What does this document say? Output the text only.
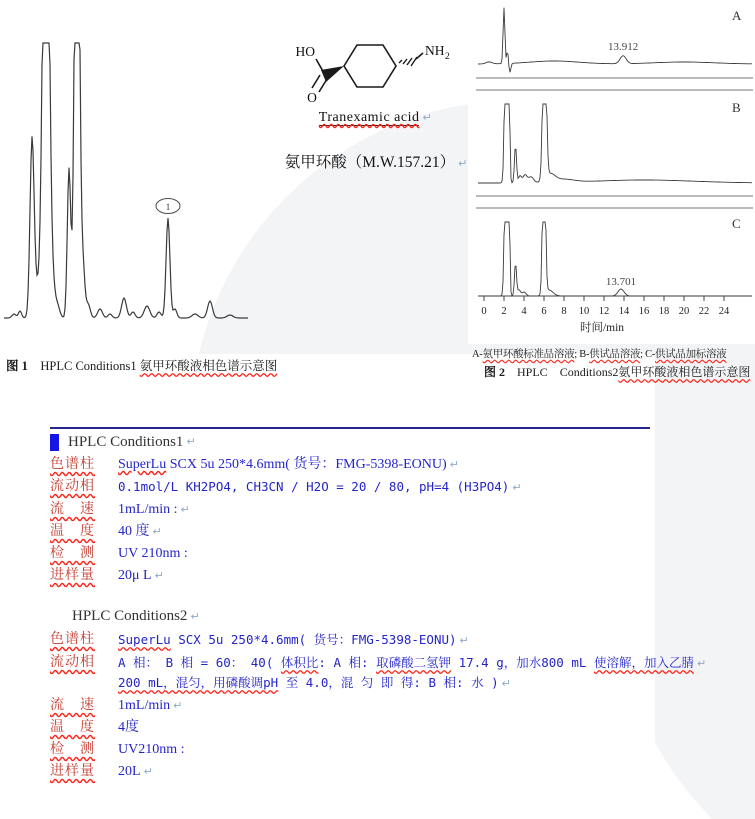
1
图 1　HPLC Conditions1 氨甲环酸液相色谱示意图
HO
O
NH 2
Tranexamic acid ↵
氨甲环酸（M.W.157.21） ↵
A
13.912
B
C
13.701
0 2 4 6 8 10 12 14 16 18 20 22 24
时间/min
A-氨甲环酸标准品溶液; B-供试品溶液; C-供试品加标溶液
图 2　HPLC　Conditions2氨甲环酸液相色谱示意图
HPLC Conditions1 ↵
色谱柱	SuperLu SCX 5u 250*4.6mm( 货号：FMG-5398-EONU) ↵
流动相	0.1mol/L KH2PO4, CH3CN / H2O = 20 / 80, pH=4 (H3PO4) ↵
流　速	1mL/min : ↵
温　度	40 度 ↵
检　测	UV 210nm :
进样量	20μ L ↵
HPLC Conditions2 ↵
色谱柱	SuperLu SCX 5u 250*4.6mm( 货号：FMG-5398-EONU) ↵
流动相	A 相： B 相 = 60： 40( 体积比: A 相: 取磷酸二氢钾 17.4 g，加水800 mL 使溶解，加入乙腈 ↵
200 mL，混匀，用磷酸调pH 至 4.0，混 匀 即 得: B 相: 水 ) ↵
流　速	1mL/min ↵
温　度	4度
检　测	UV210nm :
进样量	20L ↵
